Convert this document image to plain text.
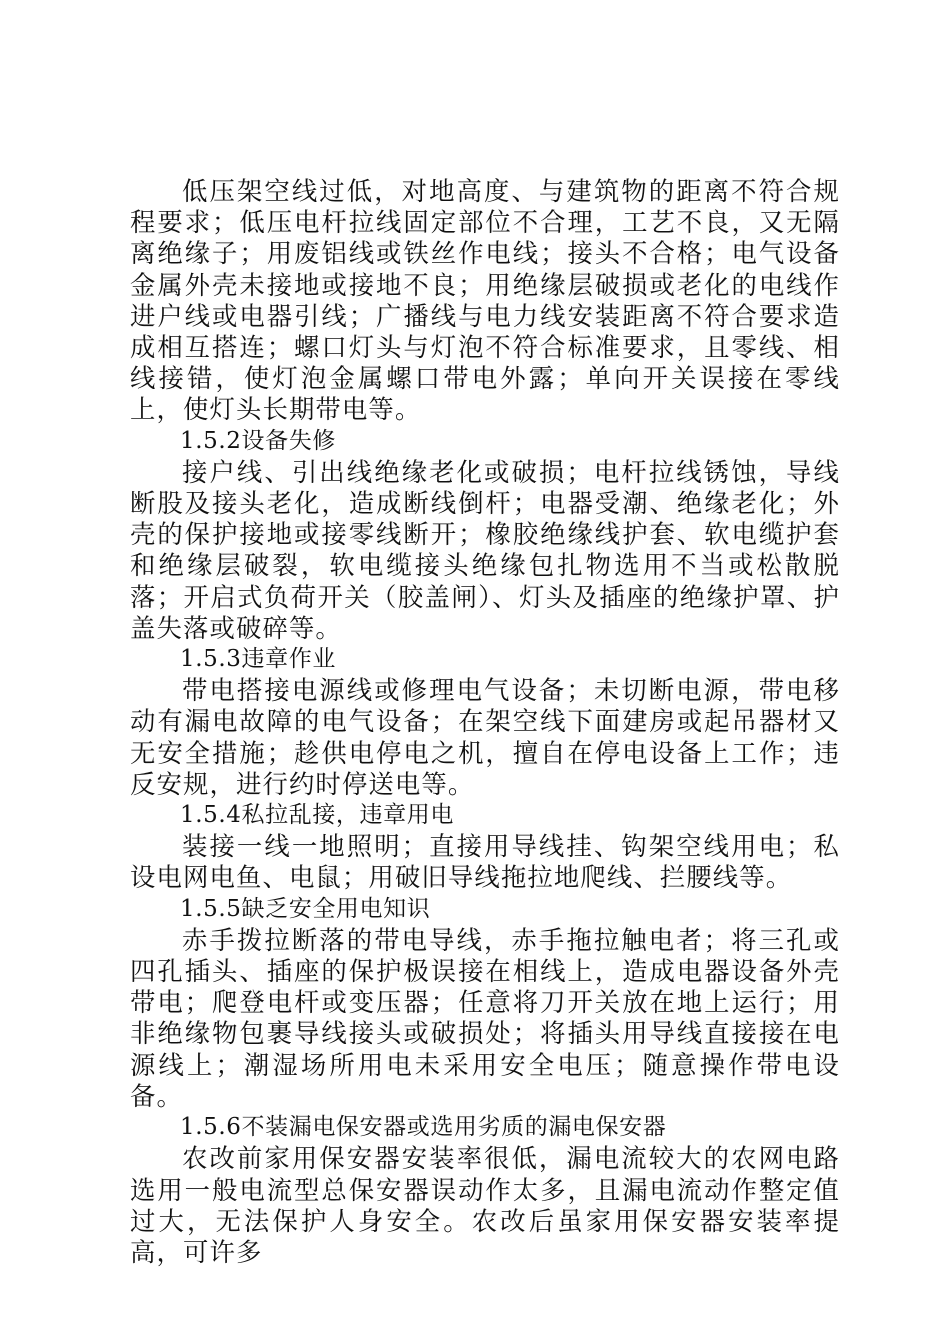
低压架空线过低，对地高度、与建筑物的距离不符合规程要求；低压电杆拉线固定部位不合理，工艺不良，又无隔离绝缘子；用废铝线或铁丝作电线；接头不合格；电气设备金属外壳未接地或接地不良；用绝缘层破损或老化的电线作进户线或电器引线；广播线与电力线安装距离不符合要求造成相互搭连；螺口灯头与灯泡不符合标准要求，且零线、相线接错，使灯泡金属螺口带电外露；单向开关误接在零线上，使灯头长期带电等。

1.5.2设备失修

接户线、引出线绝缘老化或破损；电杆拉线锈蚀，导线断股及接头老化，造成断线倒杆；电器受潮、绝缘老化；外壳的保护接地或接零线断开；橡胶绝缘线护套、软电缆护套和绝缘层破裂，软电缆接头绝缘包扎物选用不当或松散脱落；开启式负荷开关（胶盖闸）、灯头及插座的绝缘护罩、护盖失落或破碎等。

1.5.3违章作业

带电搭接电源线或修理电气设备；未切断电源，带电移动有漏电故障的电气设备；在架空线下面建房或起吊器材又无安全措施；趁供电停电之机，擅自在停电设备上工作；违反安规，进行约时停送电等。

1.5.4私拉乱接，违章用电

装接一线一地照明；直接用导线挂、钩架空线用电；私设电网电鱼、电鼠；用破旧导线拖拉地爬线、拦腰线等。

1.5.5缺乏安全用电知识

赤手拨拉断落的带电导线，赤手拖拉触电者；将三孔或四孔插头、插座的保护极误接在相线上，造成电器设备外壳带电；爬登电杆或变压器；任意将刀开关放在地上运行；用非绝缘物包裹导线接头或破损处；将插头用导线直接接在电源线上；潮湿场所用电未采用安全电压；随意操作带电设备。

1.5.6不装漏电保安器或选用劣质的漏电保安器

农改前家用保安器安装率很低，漏电流较大的农网电路选用一般电流型总保安器误动作太多，且漏电流动作整定值过大，无法保护人身安全。农改后虽家用保安器安装率提高，可许多
